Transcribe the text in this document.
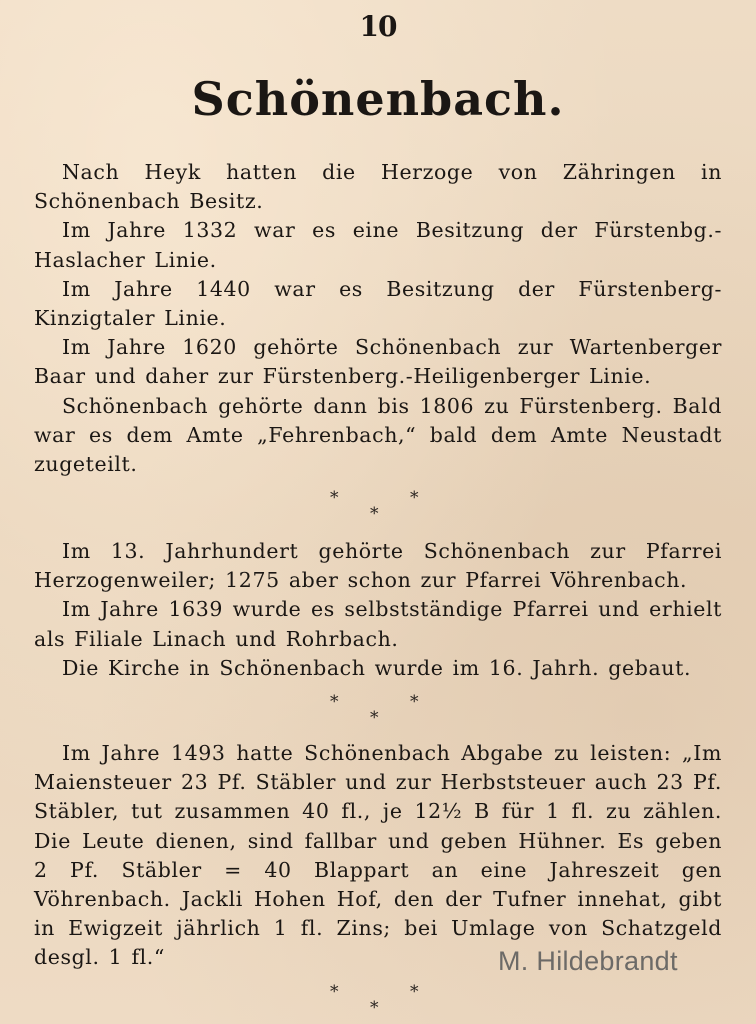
10
Schönenbach.

Nach Heyk hatten die Herzoge von Zähringen in Schönenbach Besitz.

Im Jahre 1332 war es eine Besitzung der Fürstenbg.-Haslacher Linie.

Im Jahre 1440 war es Besitzung der Fürstenberg-Kinzigtaler Linie.

Im Jahre 1620 gehörte Schönenbach zur Wartenberger Baar und daher zur Fürstenberg.-Heiligenberger Linie.

Schönenbach gehörte dann bis 1806 zu Fürstenberg. Bald war es dem Amte „Fehrenbach,“ bald dem Amte Neustadt zugeteilt.

*	*
*

Im 13. Jahrhundert gehörte Schönenbach zur Pfarrei Herzogenweiler; 1275 aber schon zur Pfarrei Vöhrenbach.

Im Jahre 1639 wurde es selbstständige Pfarrei und erhielt als Filiale Linach und Rohrbach.

Die Kirche in Schönenbach wurde im 16. Jahrh. gebaut.

*	*
*

Im Jahre 1493 hatte Schönenbach Abgabe zu leisten: „Im Maiensteuer 23 Pf. Stäbler und zur Herbststeuer auch 23 Pf. Stäbler, tut zusammen 40 fl., je 12½ B für 1 fl. zu zählen. Die Leute dienen, sind fallbar und geben Hühner. Es geben 2 Pf. Stäbler = 40 Blappart an eine Jahreszeit gen Vöhrenbach. Jackli Hohen Hof, den der Tufner innehat, gibt in Ewigzeit jährlich 1 fl. Zins; bei Umlage von Schatzgeld desgl. 1 fl.“	M. Hildebrandt
*	*
*
